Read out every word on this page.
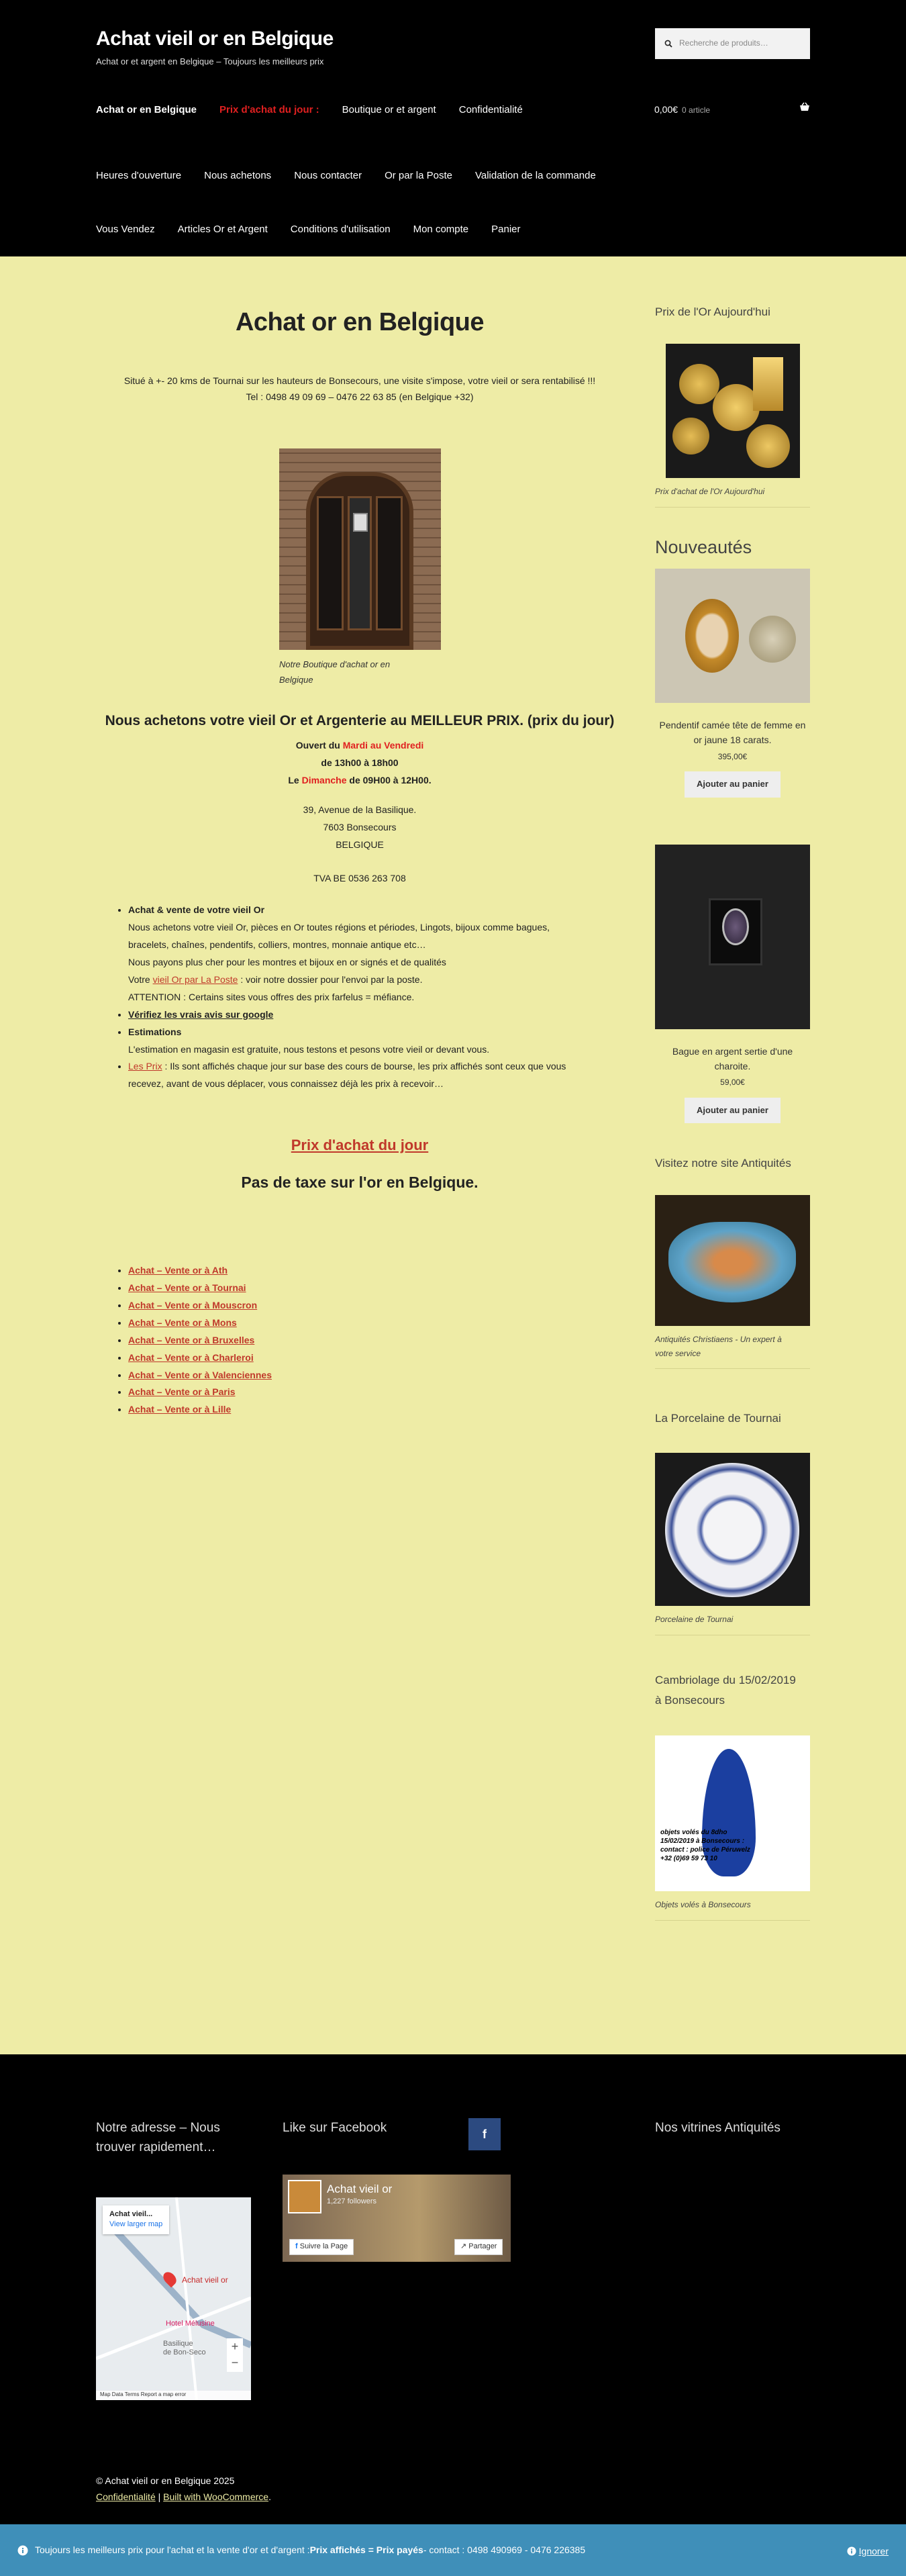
Achat vieil or en Belgique
Achat or et argent en Belgique – Toujours les meilleurs prix
Recherche de produits…
Achat or en Belgique Prix d'achat du jour : Boutique or et argent Confidentialité	0,00€ 0 article
Heures d'ouverture Nous achetons Nous contacter Or par la Poste Validation de la commande
Vous Vendez Articles Or et Argent Conditions d'utilisation Mon compte Panier
Achat or en Belgique
Situé à +- 20 kms de Tournai sur les hauteurs de Bonsecours, une visite s'impose, votre vieil or sera rentabilisé !!!
Tel : 0498 49 09 69 – 0476 22 63 85 (en Belgique +32)
Notre Boutique d'achat or en
Belgique
Nous achetons votre vieil Or et Argenterie au MEILLEUR PRIX. (prix du jour)
Ouvert du Mardi au Vendredi
de 13h00 à 18h00
Le Dimanche de 09H00 à 12H00.
39, Avenue de la Basilique.
7603 Bonsecours
BELGIQUE
TVA BE 0536 263 708
• Achat & vente de votre vieil Or
Nous achetons votre vieil Or, pièces en Or toutes régions et périodes, Lingots, bijoux comme bagues,
bracelets, chaînes, pendentifs, colliers, montres, monnaie antique etc…
Nous payons plus cher pour les montres et bijoux en or signés et de qualités
Votre vieil Or par La Poste : voir notre dossier pour l'envoi par la poste.
ATTENTION : Certains sites vous offres des prix farfelus = méfiance.
• Vérifiez les vrais avis sur google
• Estimations
L'estimation en magasin est gratuite, nous testons et pesons votre vieil or devant vous.
• Les Prix : Ils sont affichés chaque jour sur base des cours de bourse, les prix affichés sont ceux que vous
recevez, avant de vous déplacer, vous connaissez déjà les prix à recevoir…
Prix d'achat du jour
Pas de taxe sur l'or en Belgique.
• Achat – Vente or à Ath
• Achat – Vente or à Tournai
• Achat – Vente or à Mouscron
• Achat – Vente or à Mons
• Achat – Vente or à Bruxelles
• Achat – Vente or à Charleroi
• Achat – Vente or à Valenciennes
• Achat – Vente or à Paris
• Achat – Vente or à Lille
Prix de l'Or Aujourd'hui
Prix d'achat de l'Or Aujourd'hui
Nouveautés
Pendentif camée tête de femme en or jaune 18 carats.
395,00€
Ajouter au panier
Bague en argent sertie d'une charoite.
59,00€
Ajouter au panier
Visitez notre site Antiquités
Antiquités Christiaens - Un expert à
votre service
La Porcelaine de Tournai
Porcelaine de Tournai
Cambriolage du 15/02/2019
à Bonsecours
objets volés du 8dho
15/02/2019 à Bonsecours :
contact : police de Péruwelz
+32 (0)69 59 73 10
Objets volés à Bonsecours
Notre adresse – Nous
trouver rapidement…
Like sur Facebook	f	Nos vitrines Antiquités
Achat vieil...
View larger map
Achat vieil or
Hotel Mélusine
Basilique
de Bon-Seco	+
−
Map Data Terms Report a map error
Achat vieil or
1,227 followers
f Suivre la Page	↗ Partager
© Achat vieil or en Belgique 2025
Confidentialité | Built with WooCommerce.
Toujours les meilleurs prix pour l'achat et la vente d'or et d'argent : Prix affichés = Prix payés - contact : 0498 490969 - 0476 226385	Ignorer
